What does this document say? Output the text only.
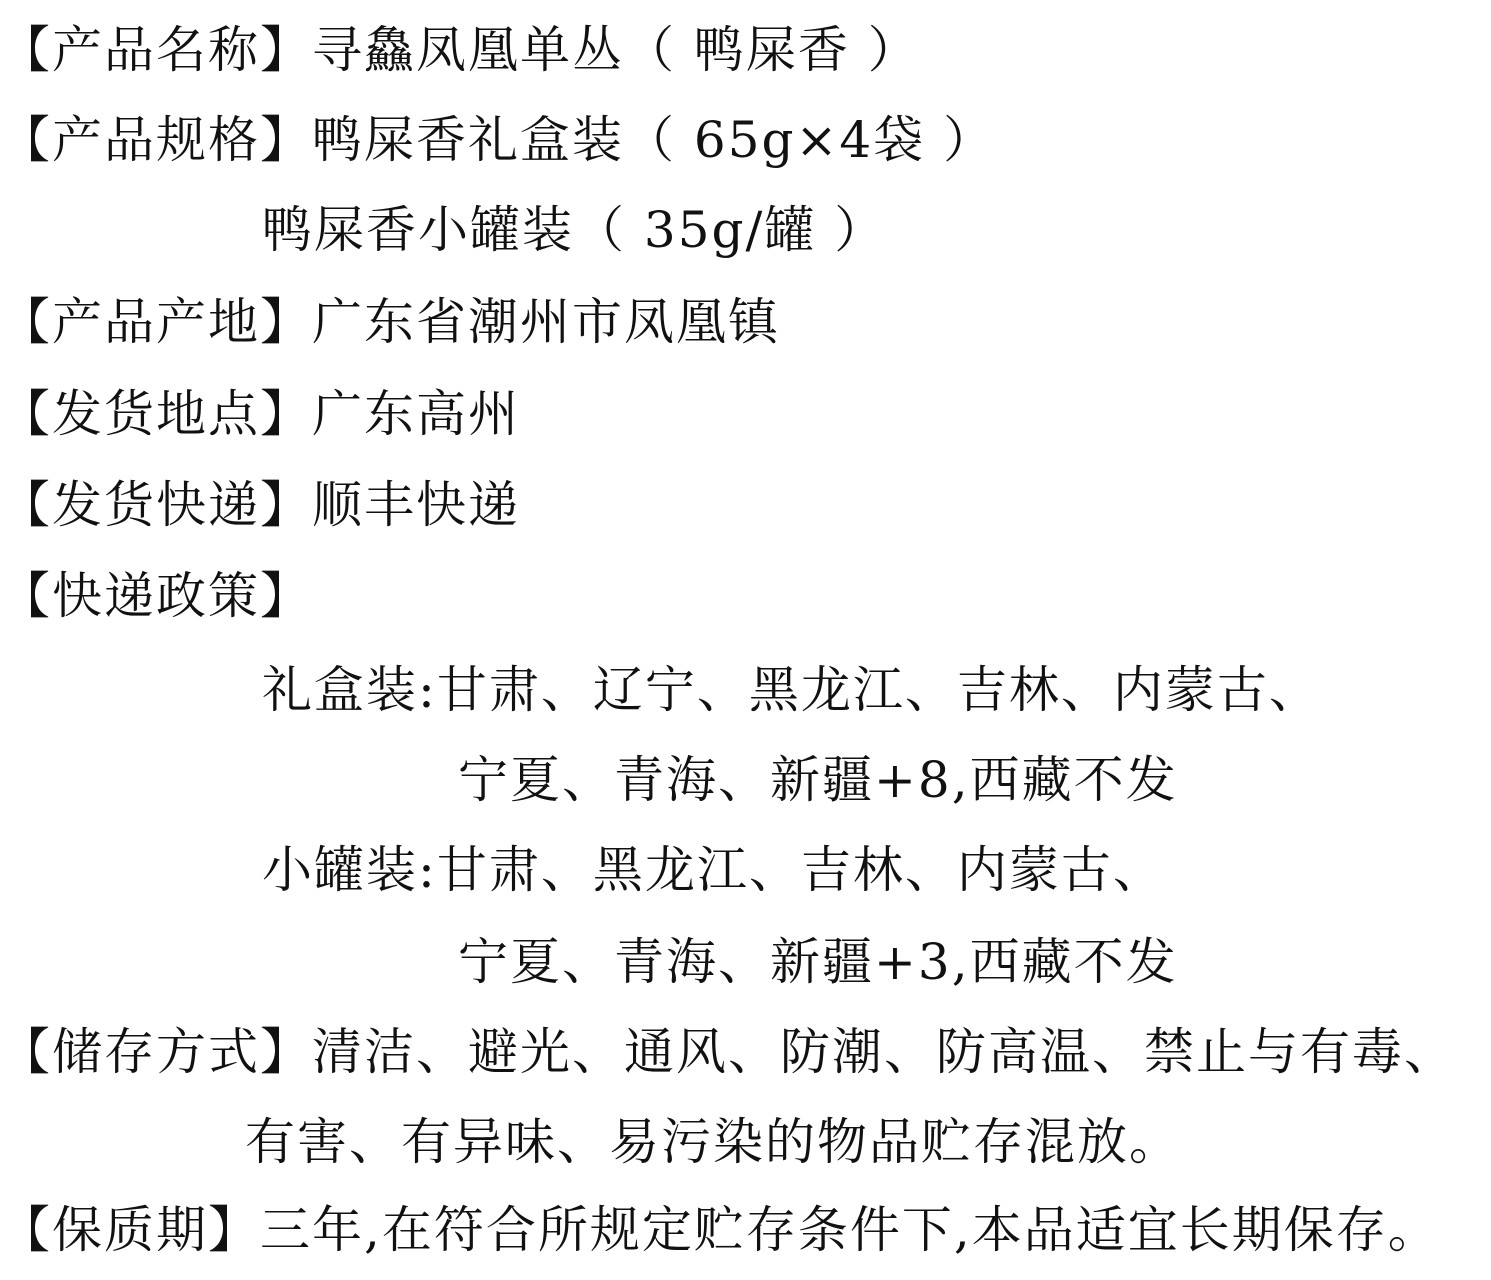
【产品名称】寻鱻凤凰单丛（ 鸭屎香 ）
【产品规格】鸭屎香礼盒装（ 65g×4袋 ）
鸭屎香小罐装（ 35g/罐 ）
【产品产地】广东省潮州市凤凰镇
【发货地点】广东高州
【发货快递】顺丰快递
【快递政策】
礼盒装:甘肃、辽宁、黑龙江、吉林、内蒙古、
宁夏、青海、新疆+8,西藏不发
小罐装:甘肃、黑龙江、吉林、内蒙古、
宁夏、青海、新疆+3,西藏不发
【储存方式】清洁、避光、通风、防潮、防高温、禁止与有毒、
有害、有异味、易污染的物品贮存混放。
【保质期】三年,在符合所规定贮存条件下,本品适宜长期保存。
